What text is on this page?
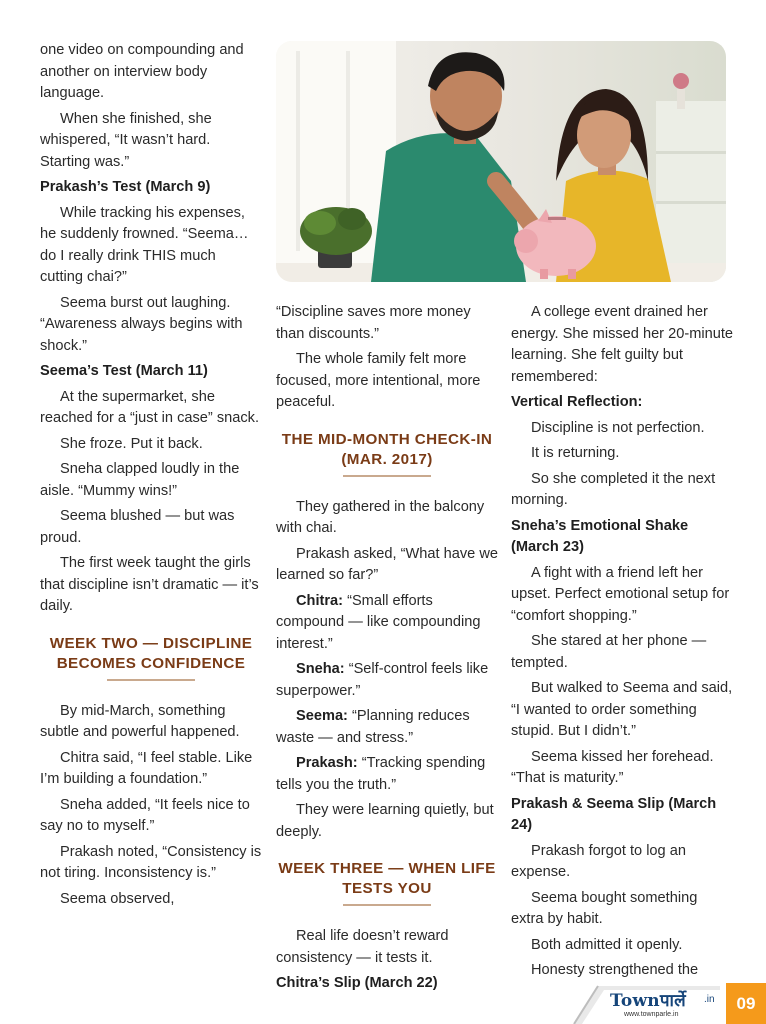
one video on compounding and another on interview body language.

When she finished, she whispered, “It wasn’t hard. Starting was.”

Prakash’s Test (March 9)

While tracking his expenses, he suddenly frowned. “Seema… do I really drink THIS much cutting chai?”

Seema burst out laughing. “Awareness always begins with shock.”

Seema’s Test (March 11)

At the supermarket, she reached for a “just in case” snack.

She froze. Put it back.

Sneha clapped loudly in the aisle. “Mummy wins!”

Seema blushed — but was proud.

The first week taught the girls that discipline isn’t dramatic — it’s daily.

WEEK TWO — DISCIPLINE BECOMES CONFIDENCE

By mid-March, something subtle and powerful happened.

Chitra said, “I feel stable. Like I’m building a foundation.”

Sneha added, “It feels nice to say no to myself.”

Prakash noted, “Consistency is not tiring. Inconsistency is.”

Seema observed,

“Discipline saves more money than discounts.”

The whole family felt more focused, more intentional, more peaceful.

THE MID-MONTH CHECK-IN (MAR. 2017)

They gathered in the balcony with chai.

Prakash asked, “What have we learned so far?”

Chitra: “Small efforts compound — like compounding interest.”

Sneha: “Self-control feels like superpower.”

Seema: “Planning reduces waste — and stress.”

Prakash: “Tracking spending tells you the truth.”

They were learning quietly, but deeply.

WEEK THREE — WHEN LIFE TESTS YOU

Real life doesn’t reward consistency — it tests it.

Chitra’s Slip (March 22)

A college event drained her energy. She missed her 20-minute learning. She felt guilty but remembered:

Vertical Reflection:

Discipline is not perfection.

It is returning.

So she completed it the next morning.

Sneha’s Emotional Shake (March 23)

A fight with a friend left her upset. Perfect emotional setup for “comfort shopping.”

She stared at her phone — tempted.

But walked to Seema and said, “I wanted to order something stupid. But I didn’t.”

Seema kissed her forehead. “That is maturity.”

Prakash & Seema Slip (March 24)

Prakash forgot to log an expense.

Seema bought something extra by habit.

Both admitted it openly.

Honesty strengthened the

Townपार्ले .in
www.townparle.in
09
